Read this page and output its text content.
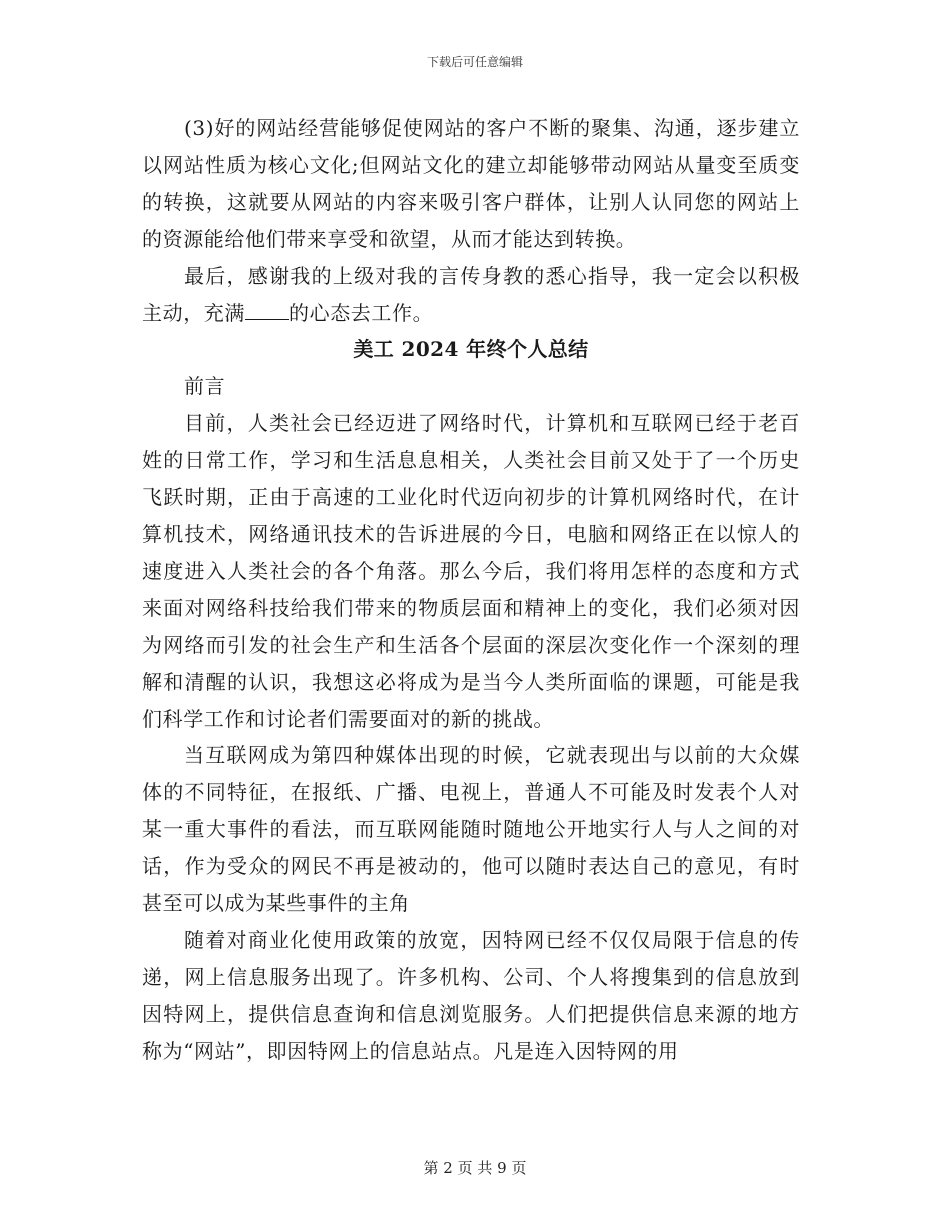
下载后可任意编辑

(3)好的网站经营能够促使网站的客户不断的聚集、沟通，逐步建立以网站性质为核心文化;但网站文化的建立却能够带动网站从量变至质变的转换，这就要从网站的内容来吸引客户群体，让别人认同您的网站上的资源能给他们带来享受和欲望，从而才能达到转换。

最后，感谢我的上级对我的言传身教的悉心指导，我一定会以积极主动，充满 的心态去工作。

美工 2024 年终个人总结

前言

目前，人类社会已经迈进了网络时代，计算机和互联网已经于老百姓的日常工作，学习和生活息息相关，人类社会目前又处于了一个历史飞跃时期，正由于高速的工业化时代迈向初步的计算机网络时代，在计算机技术，网络通讯技术的告诉进展的今日，电脑和网络正在以惊人的速度进入人类社会的各个角落。那么今后，我们将用怎样的态度和方式来面对网络科技给我们带来的物质层面和精神上的变化，我们必须对因为网络而引发的社会生产和生活各个层面的深层次变化作一个深刻的理解和清醒的认识，我想这必将成为是当今人类所面临的课题，可能是我们科学工作和讨论者们需要面对的新的挑战。

当互联网成为第四种媒体出现的时候，它就表现出与以前的大众媒体的不同特征，在报纸、广播、电视上，普通人不可能及时发表个人对某一重大事件的看法，而互联网能随时随地公开地实行人与人之间的对话，作为受众的网民不再是被动的，他可以随时表达自己的意见，有时甚至可以成为某些事件的主角

随着对商业化使用政策的放宽，因特网已经不仅仅局限于信息的传递，网上信息服务出现了。许多机构、公司、个人将搜集到的信息放到因特网上，提供信息查询和信息浏览服务。人们把提供信息来源的地方称为“网站”，即因特网上的信息站点。凡是连入因特网的用

第 2 页 共 9 页
